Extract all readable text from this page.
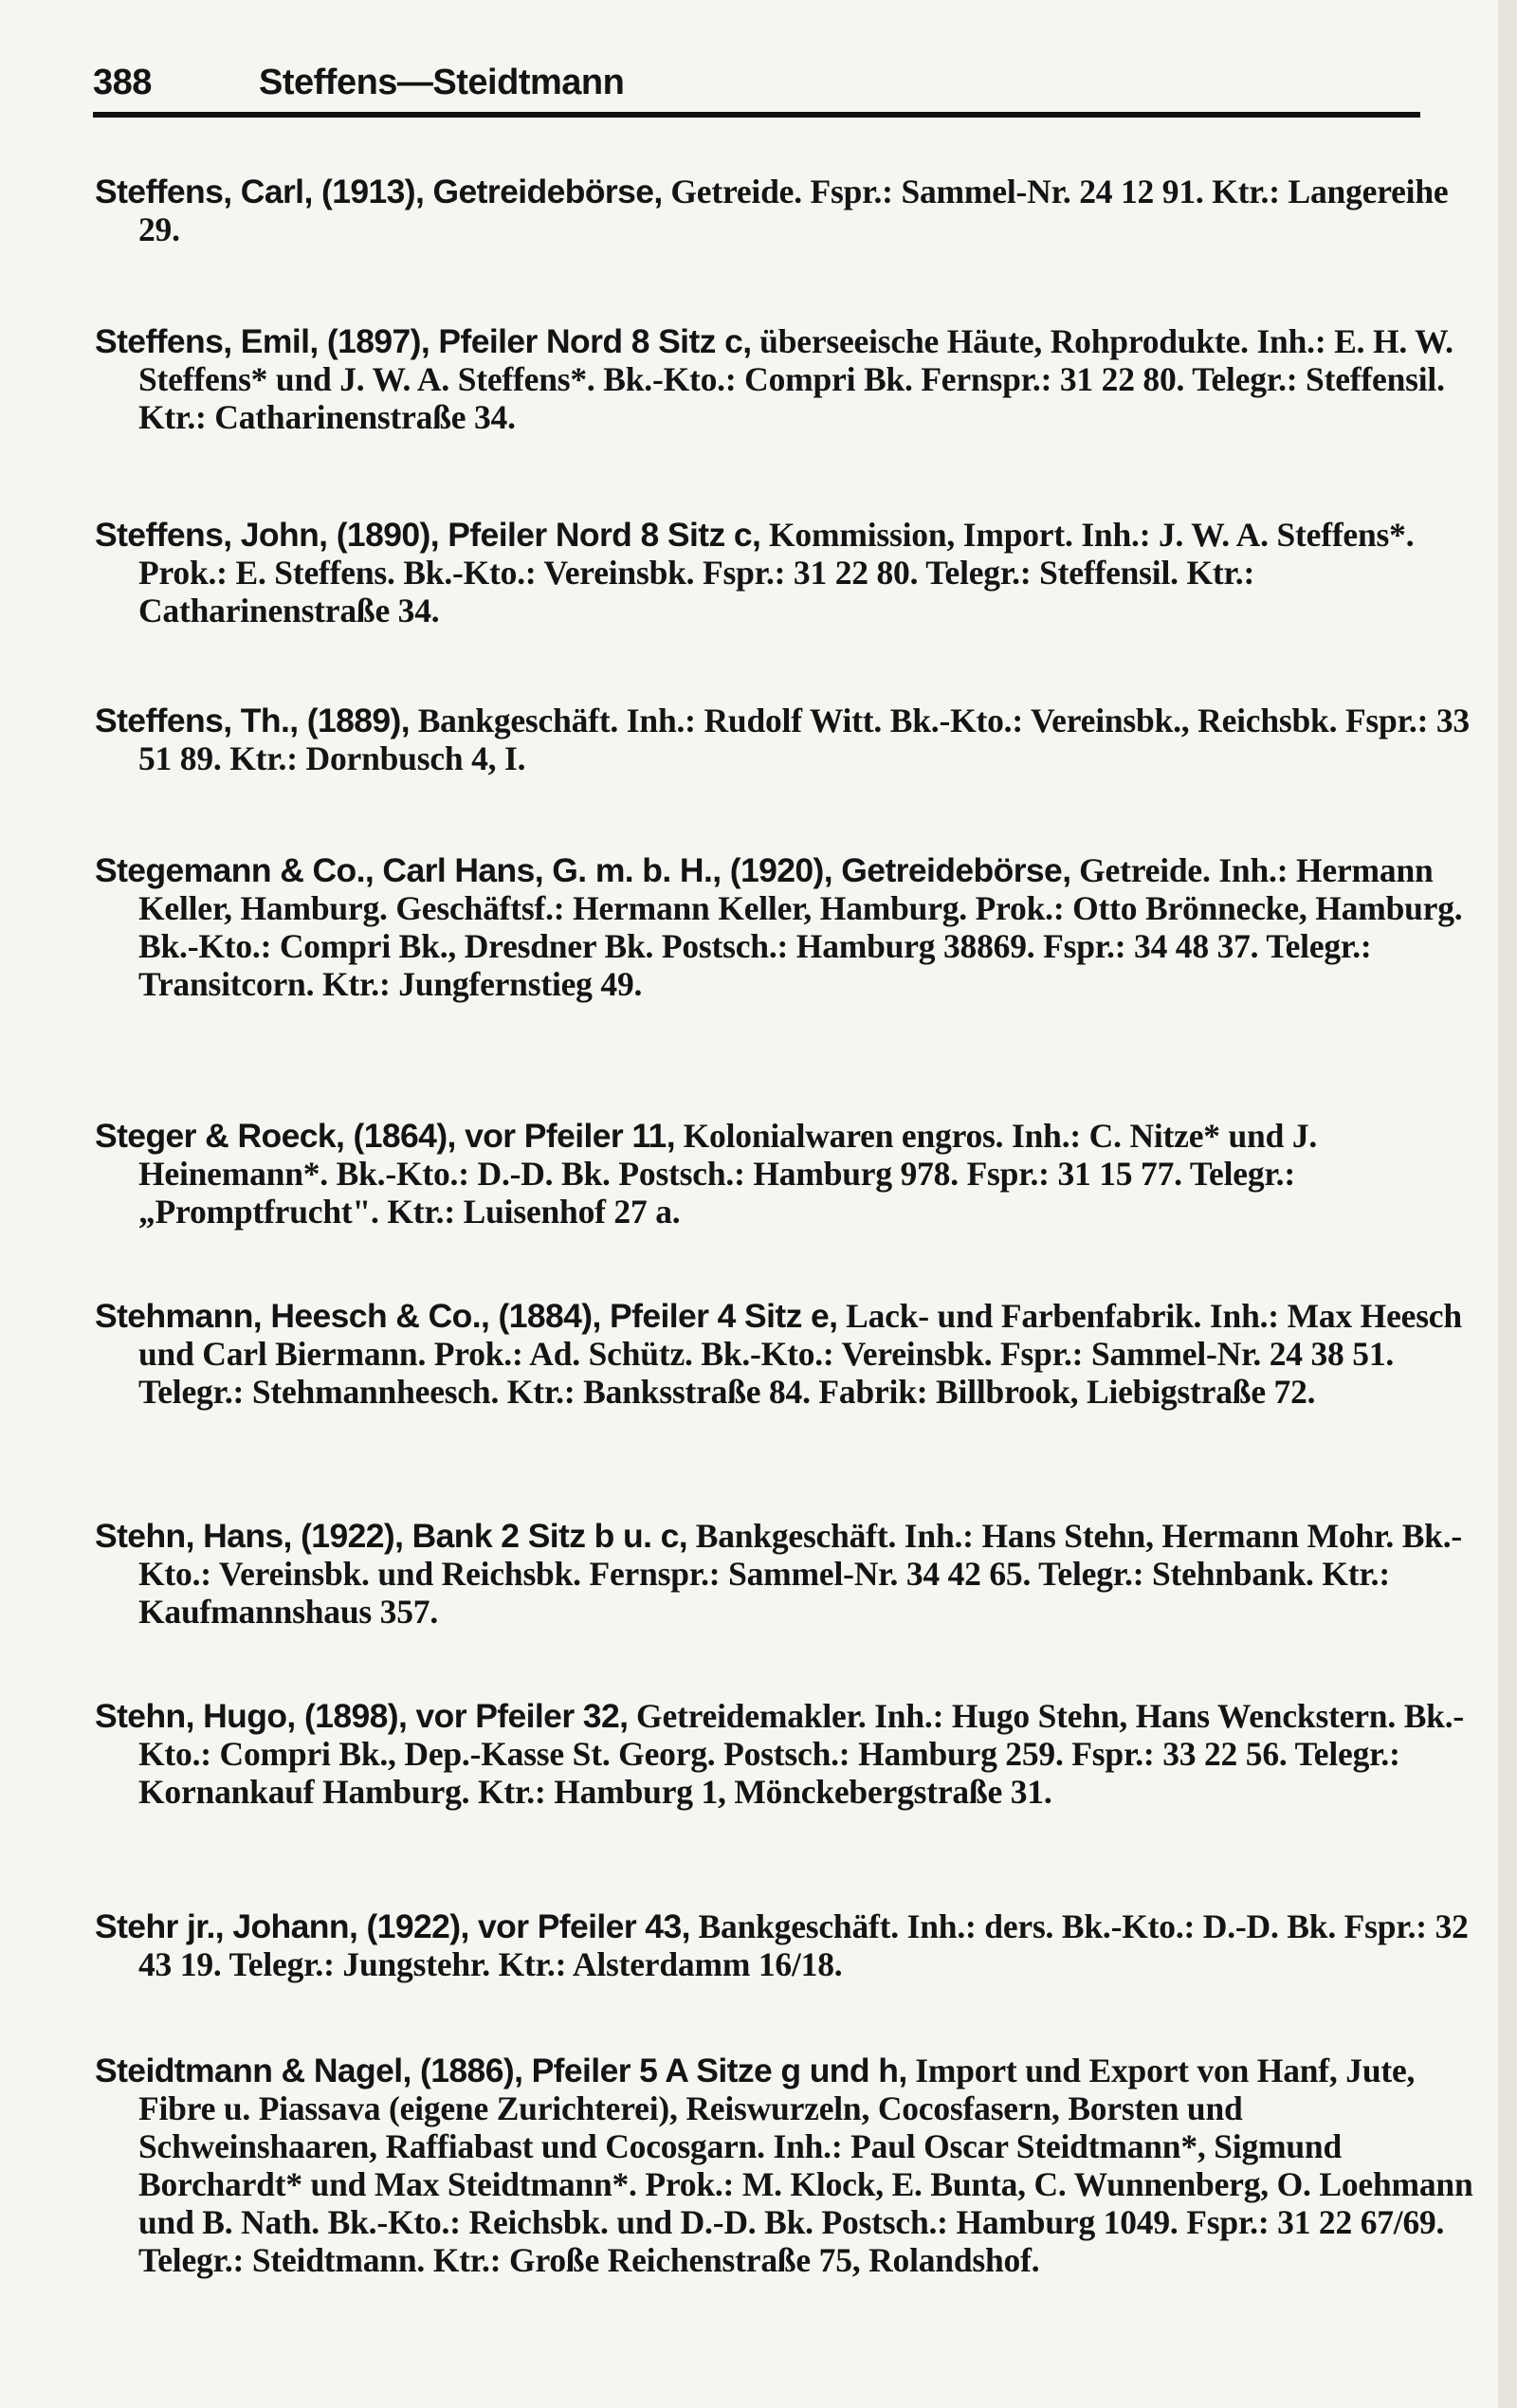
388	Steffens—Steidtmann
Steffens, Carl, (1913), Getreidebörse, Getreide. Fspr.: Sammel-Nr. 24 12 91. Ktr.: Langereihe 29.
Steffens, Emil, (1897), Pfeiler Nord 8 Sitz c, überseeische Häute, Rohprodukte. Inh.: E. H. W. Steffens* und J. W. A. Steffens*. Bk.-Kto.: Compri Bk. Fernspr.: 31 22 80. Telegr.: Steffensil. Ktr.: Catharinenstraße 34.
Steffens, John, (1890), Pfeiler Nord 8 Sitz c, Kommission, Import. Inh.: J. W. A. Steffens*. Prok.: E. Steffens. Bk.-Kto.: Vereinsbk. Fspr.: 31 22 80. Telegr.: Steffensil. Ktr.: Catharinenstraße 34.
Steffens, Th., (1889), Bankgeschäft. Inh.: Rudolf Witt. Bk.-Kto.: Vereinsbk., Reichsbk. Fspr.: 33 51 89. Ktr.: Dornbusch 4, I.
Stegemann & Co., Carl Hans, G. m. b. H., (1920), Getreidebörse, Getreide. Inh.: Hermann Keller, Hamburg. Geschäftsf.: Hermann Keller, Hamburg. Prok.: Otto Brönnecke, Hamburg. Bk.-Kto.: Compri Bk., Dresdner Bk. Postsch.: Hamburg 38869. Fspr.: 34 48 37. Telegr.: Transitcorn. Ktr.: Jungfernstieg 49.
Steger & Roeck, (1864), vor Pfeiler 11, Kolonialwaren engros. Inh.: C. Nitze* und J. Heinemann*. Bk.-Kto.: D.-D. Bk. Postsch.: Hamburg 978. Fspr.: 31 15 77. Telegr.: „Promptfrucht". Ktr.: Luisenhof 27 a.
Stehmann, Heesch & Co., (1884), Pfeiler 4 Sitz e, Lack- und Farbenfabrik. Inh.: Max Heesch und Carl Biermann. Prok.: Ad. Schütz. Bk.-Kto.: Vereinsbk. Fspr.: Sammel-Nr. 24 38 51. Telegr.: Stehmannheesch. Ktr.: Banksstraße 84. Fabrik: Billbrook, Liebigstraße 72.
Stehn, Hans, (1922), Bank 2 Sitz b u. c, Bankgeschäft. Inh.: Hans Stehn, Hermann Mohr. Bk.-Kto.: Vereinsbk. und Reichsbk. Fernspr.: Sammel-Nr. 34 42 65. Telegr.: Stehnbank. Ktr.: Kaufmannshaus 357.
Stehn, Hugo, (1898), vor Pfeiler 32, Getreidemakler. Inh.: Hugo Stehn, Hans Wenckstern. Bk.-Kto.: Compri Bk., Dep.-Kasse St. Georg. Postsch.: Hamburg 259. Fspr.: 33 22 56. Telegr.: Kornankauf Hamburg. Ktr.: Hamburg 1, Mönckebergstraße 31.
Stehr jr., Johann, (1922), vor Pfeiler 43, Bankgeschäft. Inh.: ders. Bk.-Kto.: D.-D. Bk. Fspr.: 32 43 19. Telegr.: Jungstehr. Ktr.: Alsterdamm 16/18.
Steidtmann & Nagel, (1886), Pfeiler 5 A Sitze g und h, Import und Export von Hanf, Jute, Fibre u. Piassava (eigene Zurichterei), Reiswurzeln, Cocosfasern, Borsten und Schweinshaaren, Raffiabast und Cocosgarn. Inh.: Paul Oscar Steidtmann*, Sigmund Borchardt* und Max Steidtmann*. Prok.: M. Klock, E. Bunta, C. Wunnenberg, O. Loehmann und B. Nath. Bk.-Kto.: Reichsbk. und D.-D. Bk. Postsch.: Hamburg 1049. Fspr.: 31 22 67/69. Telegr.: Steidtmann. Ktr.: Große Reichenstraße 75, Rolandshof.
